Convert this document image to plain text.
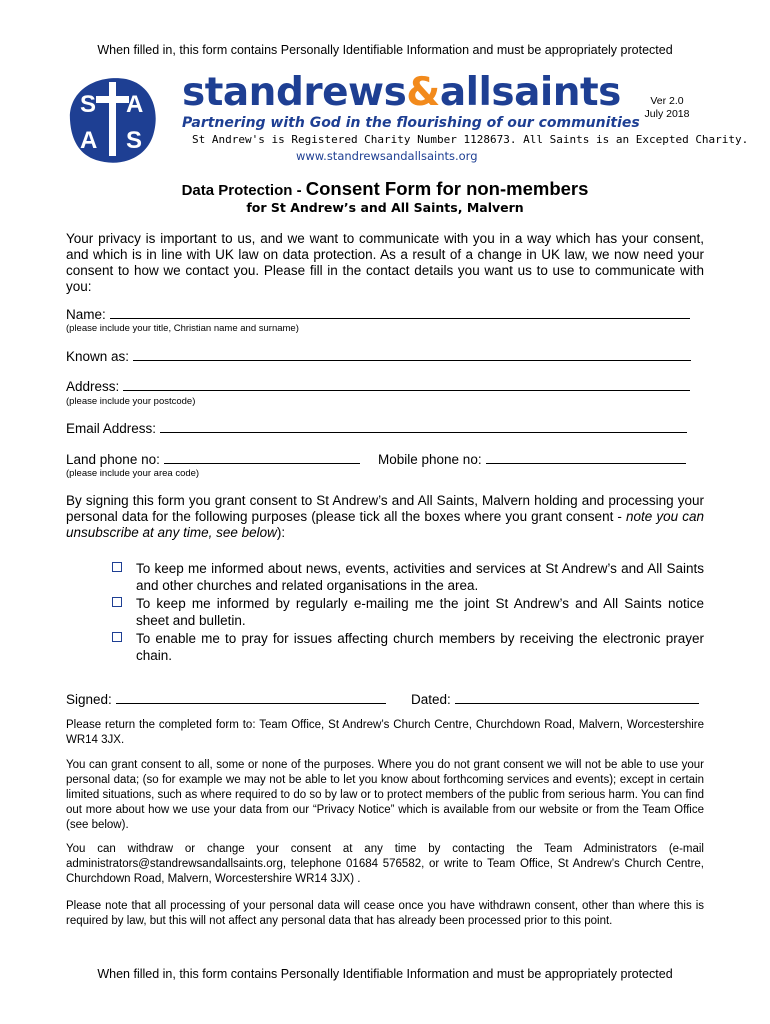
When filled in, this form contains Personally Identifiable Information and must be appropriately protected
S A
A S
standrews&allsaints
Partnering with God in the flourishing of our communities
St Andrew's is Registered Charity Number 1128673. All Saints is an Excepted Charity.
www.standrewsandallsaints.org
Ver 2.0
July 2018
Data Protection - Consent Form for non-members
for St Andrew’s and All Saints, Malvern
Your privacy is important to us, and we want to communicate with you in a way which has your consent, and which is in line with UK law on data protection. As a result of a change in UK law, we now need your consent to how we contact you. Please fill in the contact details you want us to use to communicate with you:
Name:
(please include your title, Christian name and surname)
Known as:
Address:
(please include your postcode)
Email Address:
Land phone no:	Mobile phone no:
(please include your area code)
By signing this form you grant consent to St Andrew’s and All Saints, Malvern holding and processing your personal data for the following purposes (please tick all the boxes where you grant consent - note you can unsubscribe at any time, see below):
To keep me informed about news, events, activities and services at St Andrew’s and All Saints and other churches and related organisations in the area.
To keep me informed by regularly e-mailing me the joint St Andrew’s and All Saints notice sheet and bulletin.
To enable me to pray for issues affecting church members by receiving the electronic prayer chain.
Signed:	Dated:
Please return the completed form to: Team Office, St Andrew’s Church Centre, Churchdown Road, Malvern, Worcestershire WR14 3JX.
You can grant consent to all, some or none of the purposes. Where you do not grant consent we will not be able to use your personal data; (so for example we may not be able to let you know about forthcoming services and events); except in certain limited situations, such as where required to do so by law or to protect members of the public from serious harm. You can find out more about how we use your data from our “Privacy Notice” which is available from our website or from the Team Office (see below).
You can withdraw or change your consent at any time by contacting the Team Administrators (e-mail administrators@standrewsandallsaints.org, telephone 01684 576582, or write to Team Office, St Andrew’s Church Centre, Churchdown Road, Malvern, Worcestershire WR14 3JX) .
Please note that all processing of your personal data will cease once you have withdrawn consent, other than where this is required by law, but this will not affect any personal data that has already been processed prior to this point.
When filled in, this form contains Personally Identifiable Information and must be appropriately protected
